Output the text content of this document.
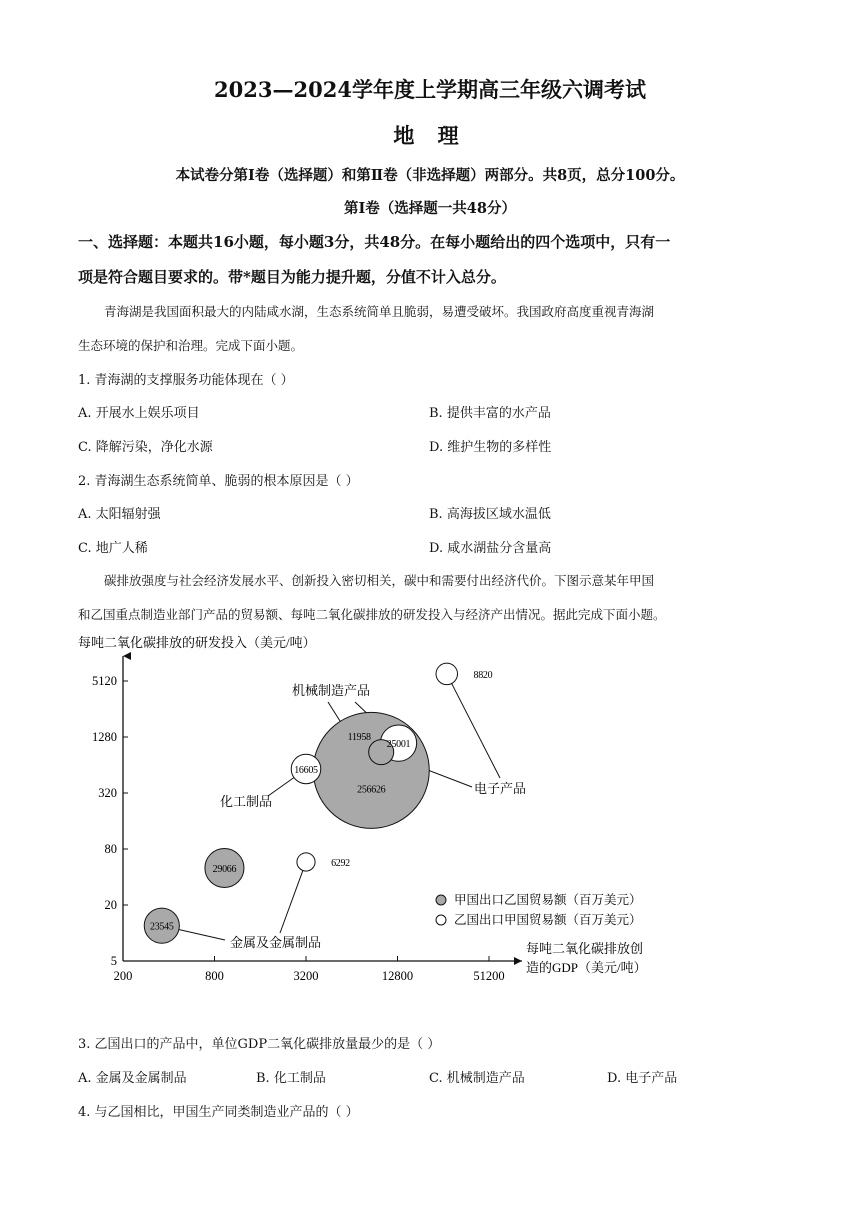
2023—2024学年度上学期高三年级六调考试
地 理
本试卷分第Ⅰ卷（选择题）和第Ⅱ卷（非选择题）两部分。共8页，总分100分。
第Ⅰ卷（选择题一共48分）
一、选择题：本题共16小题，每小题3分，共48分。在每小题给出的四个选项中，只有一
项是符合题目要求的。带*题目为能力提升题，分值不计入总分。
青海湖是我国面积最大的内陆咸水湖，生态系统简单且脆弱，易遭受破坏。我国政府高度重视青海湖
生态环境的保护和治理。完成下面小题。
1. 青海湖的支撑服务功能体现在（ ）
A. 开展水上娱乐项目	B. 提供丰富的水产品
C. 降解污染，净化水源	D. 维护生物的多样性
2. 青海湖生态系统简单、脆弱的根本原因是（ ）
A. 太阳辐射强	B. 高海拔区域水温低
C. 地广人稀	D. 咸水湖盐分含量高
碳排放强度与社会经济发展水平、创新投入密切相关，碳中和需要付出经济代价。下图示意某年甲国
和乙国重点制造业部门产品的贸易额、每吨二氧化碳排放的研发投入与经济产出情况。据此完成下面小题。
每吨二氧化碳排放的研发投入（美元/吨）
5
20
80
320
1280
5120
200	800	3200	12800	51200
23545
6292
29066
16605
256626
25001
11958
8820
机械制造产品
化工制品
金属及金属制品
电子产品
甲国出口乙国贸易额（百万美元）
乙国出口甲国贸易额（百万美元）
每吨二氧化碳排放创
造的GDP（美元/吨）
3. 乙国出口的产品中，单位GDP二氧化碳排放量最少的是（ ）
A. 金属及金属制品	B. 化工制品	C. 机械制造产品	D. 电子产品
4. 与乙国相比，甲国生产同类制造业产品的（ ）
